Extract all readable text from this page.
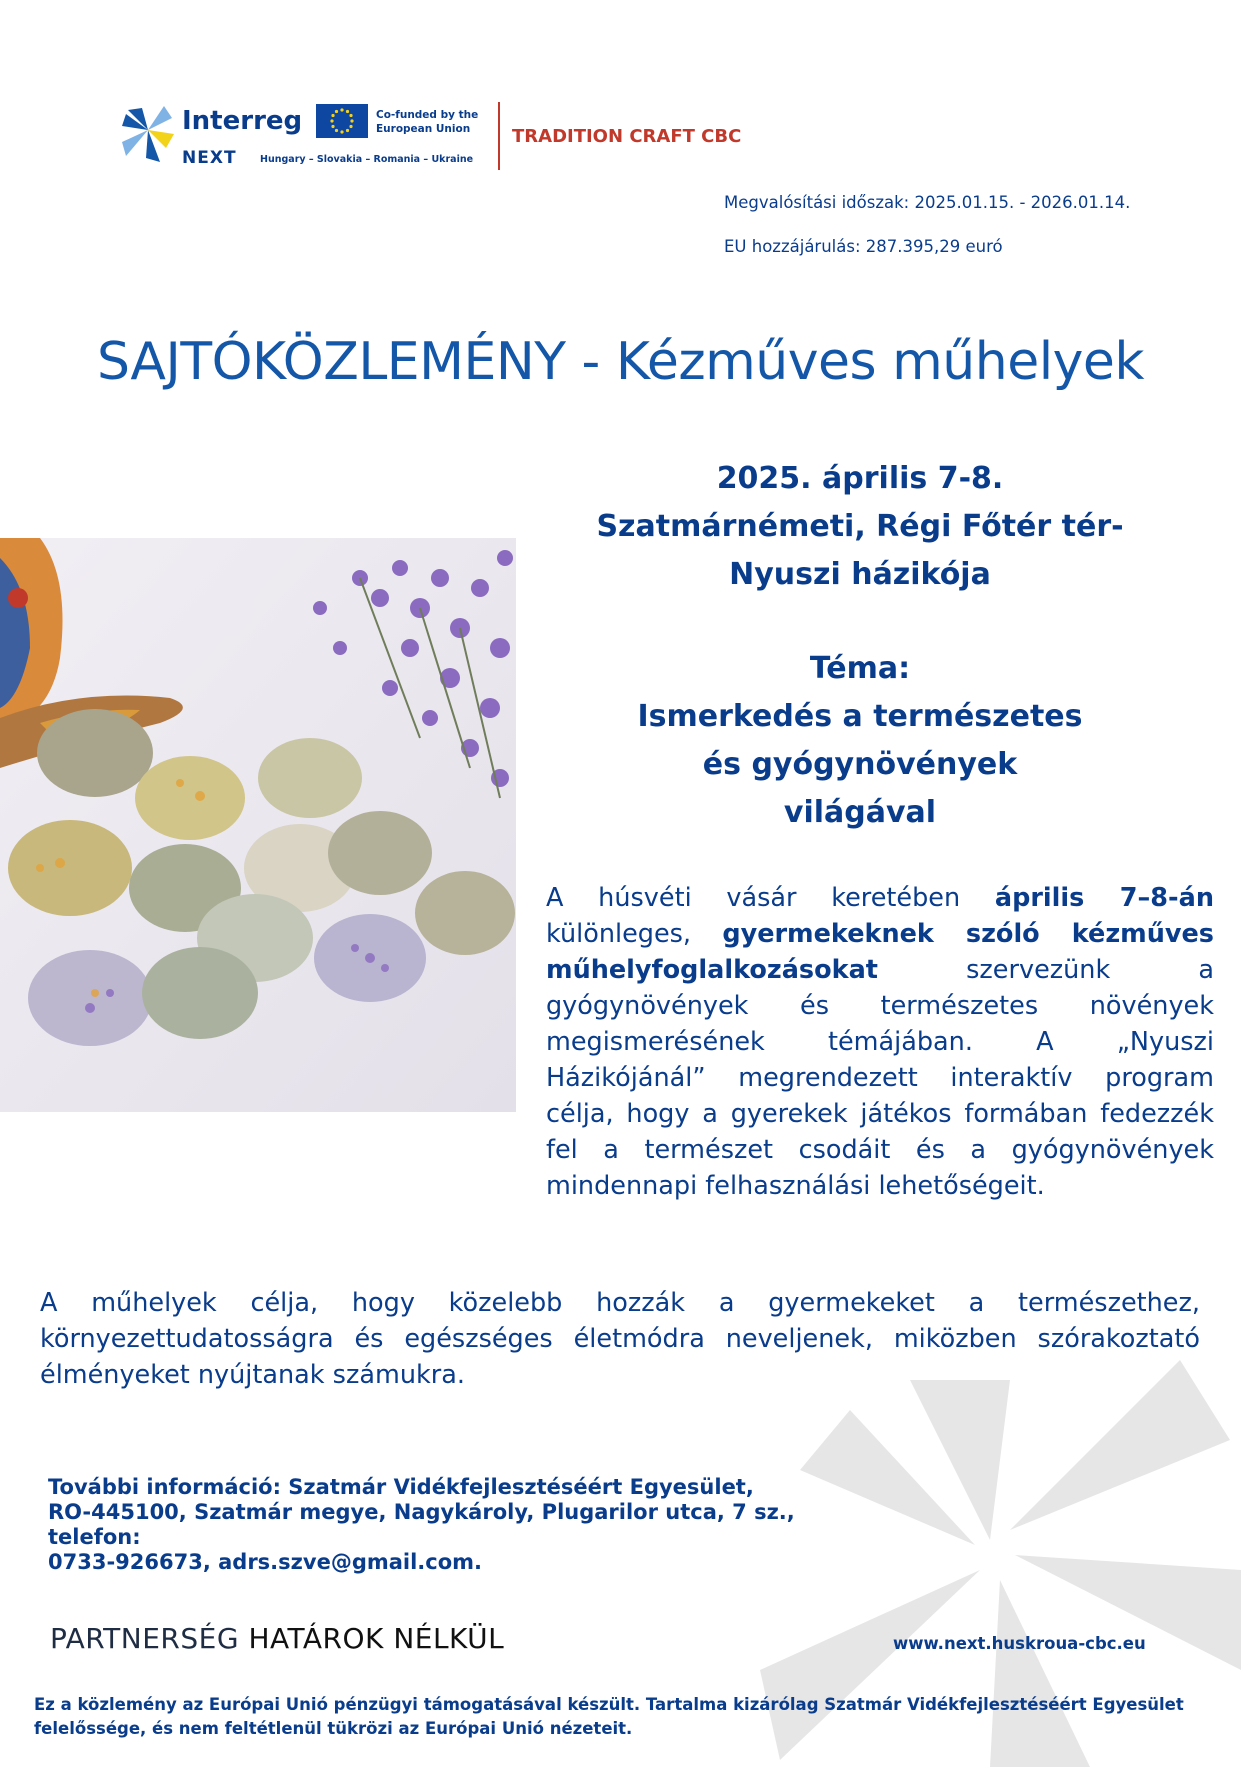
Interreg
NEXT Hungary – Slovakia – Romania – Ukraine
Co-funded by the European Union	TRADITION CRAFT CBC
Megvalósítási időszak: 2025.01.15. - 2026.01.14.
EU hozzájárulás: 287.395,29 euró
SAJTÓKÖZLEMÉNY - Kézműves műhelyek
2025. április 7-8.
Szatmárnémeti, Régi Főtér tér-
Nyuszi házikója
Téma:
Ismerkedés a természetes
és gyógynövények
világával
A húsvéti vásár keretében április 7–8-án különleges, gyermekeknek szóló kézműves műhelyfoglalkozásokat szervezünk a gyógynövények és természetes növények megismerésének témájában. A „Nyuszi Házikójánál” megrendezett interaktív program célja, hogy a gyerekek játékos formában fedezzék fel a természet csodáit és a gyógynövények mindennapi felhasználási lehetőségeit.
A műhelyek célja, hogy közelebb hozzák a gyermekeket a természethez, környezettudatosságra és egészséges életmódra neveljenek, miközben szórakoztató élményeket nyújtanak számukra.
További információ: Szatmár Vidékfejlesztéséért Egyesület,
RO-445100, Szatmár megye, Nagykároly, Plugarilor utca, 7 sz.,
telefon:
0733-926673, adrs.szve@gmail.com.
PARTNERSÉG HATÁROK NÉLKÜL	www.next.huskroua-cbc.eu
Ez a közlemény az Európai Unió pénzügyi támogatásával készült. Tartalma kizárólag Szatmár Vidékfejlesztéséért Egyesület felelőssége, és nem feltétlenül tükrözi az Európai Unió nézeteit.
